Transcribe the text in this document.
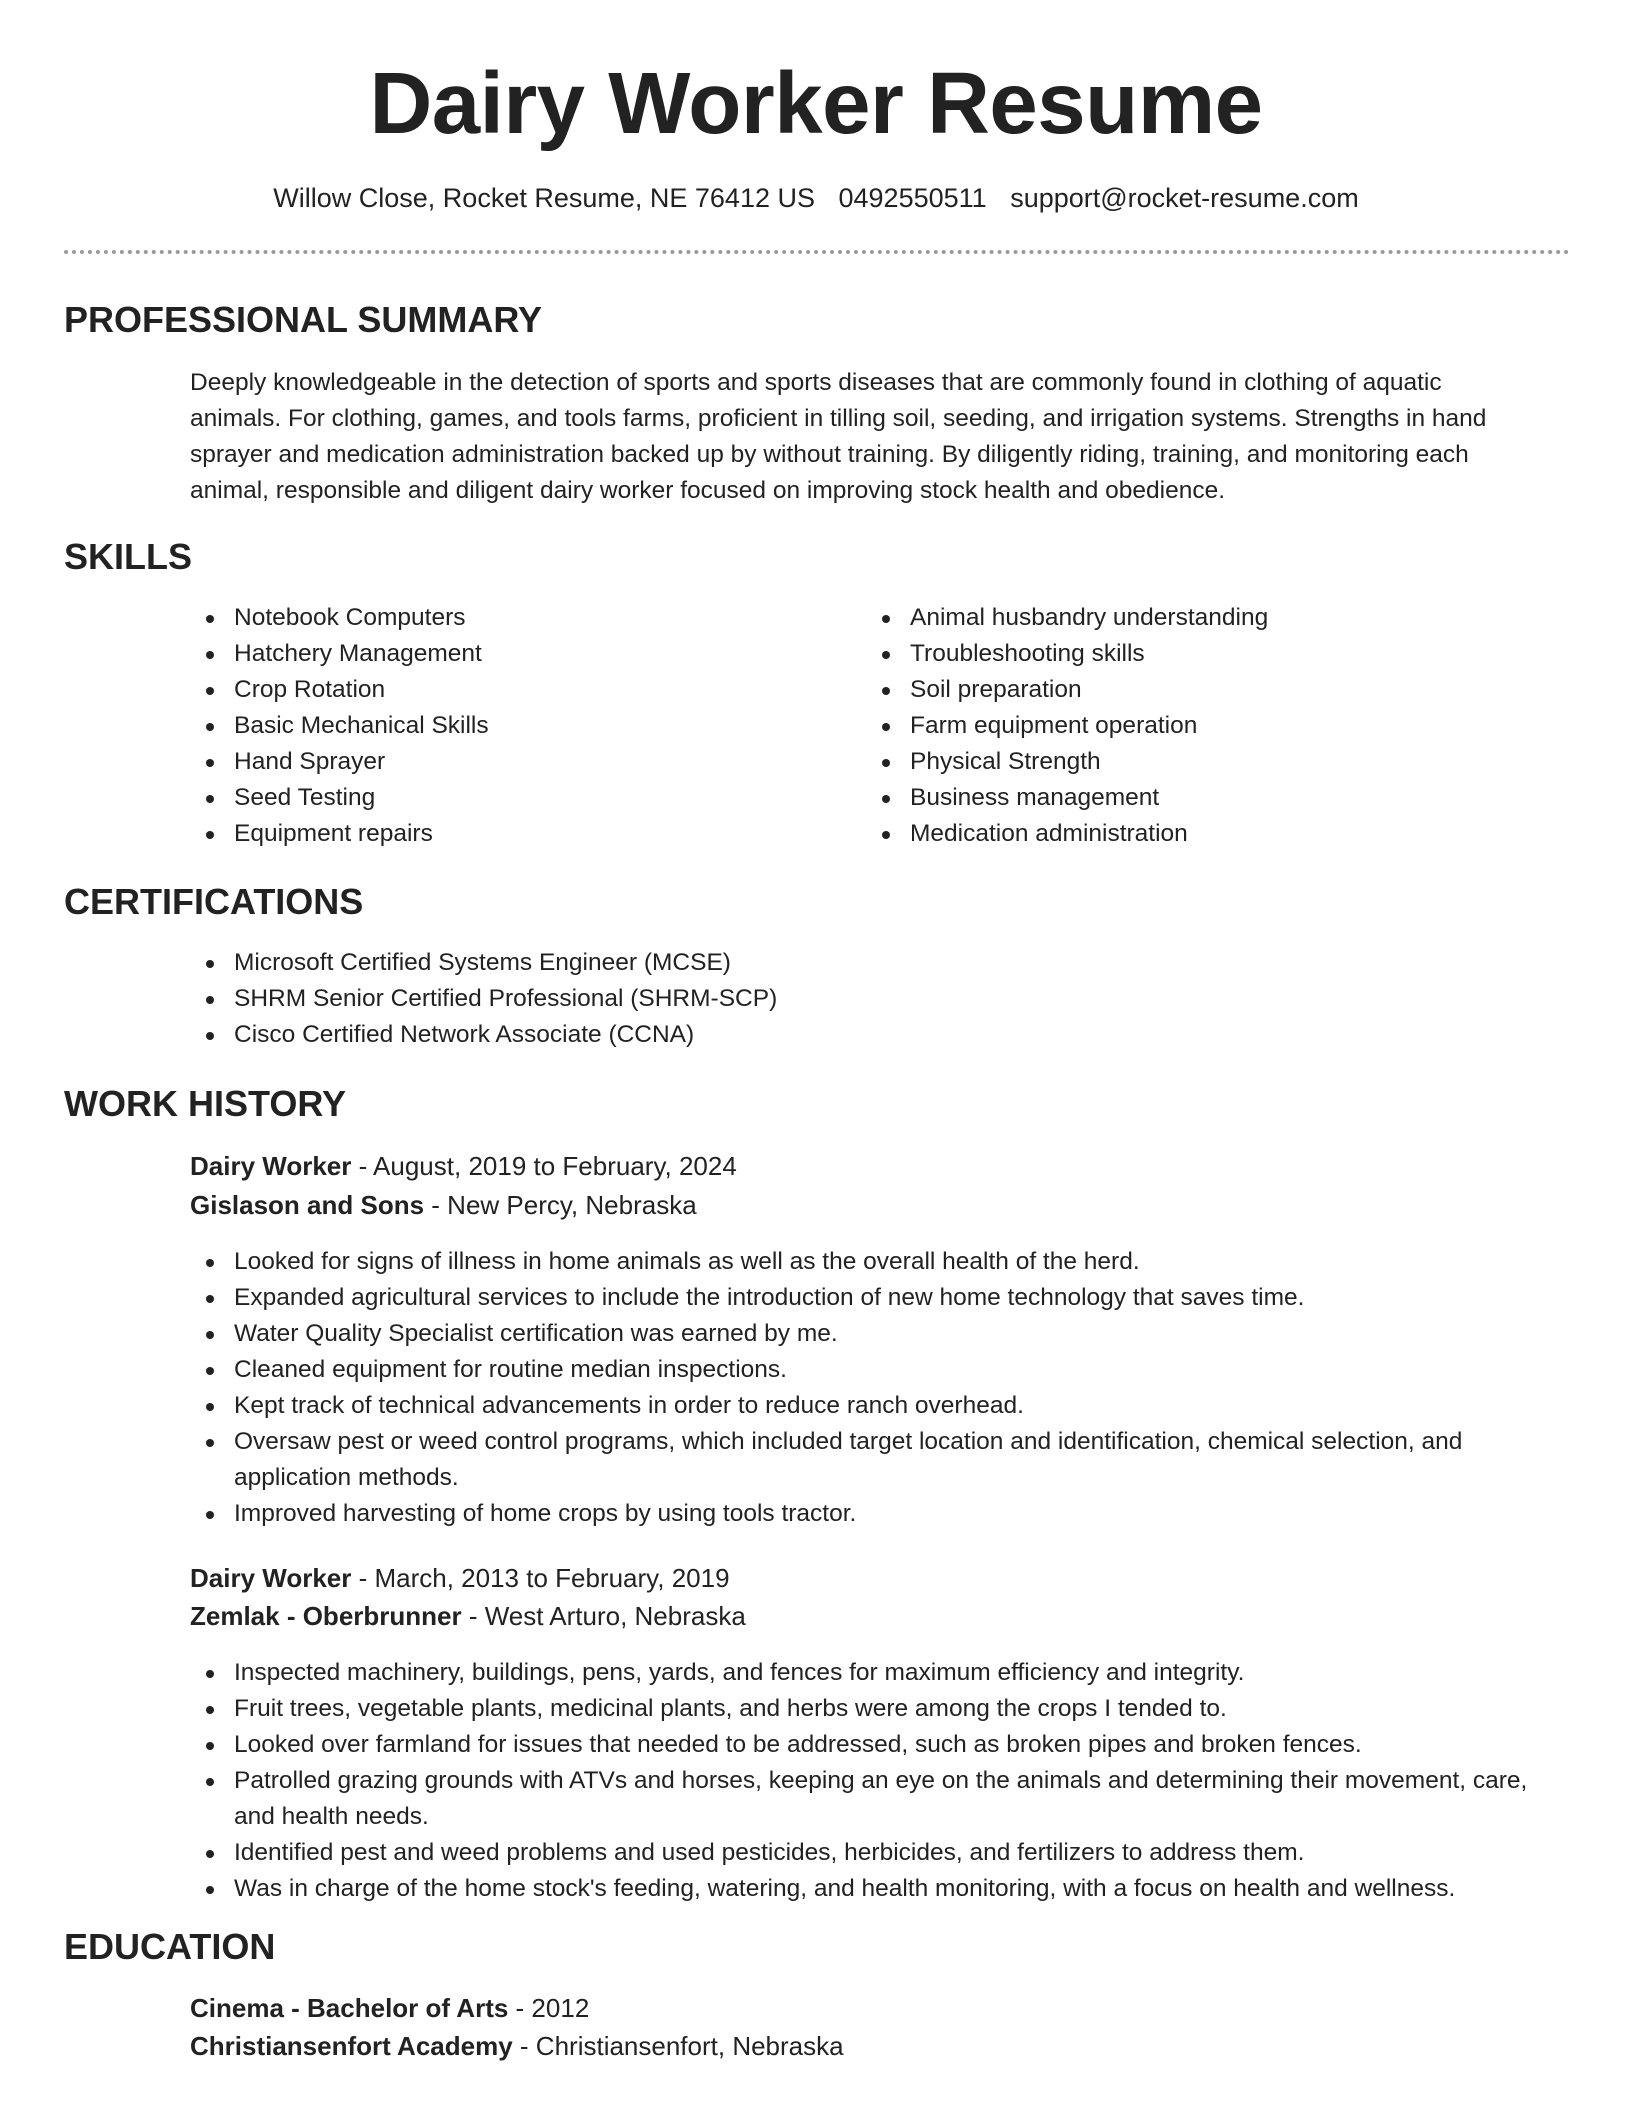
Dairy Worker Resume
Willow Close, Rocket Resume, NE 76412 US 0492550511 support@rocket-resume.com
PROFESSIONAL SUMMARY

Deeply knowledgeable in the detection of sports and sports diseases that are commonly found in clothing of aquatic animals. For clothing, games, and tools farms, proficient in tilling soil, seeding, and irrigation systems. Strengths in hand sprayer and medication administration backed up by without training. By diligently riding, training, and monitoring each animal, responsible and diligent dairy worker focused on improving stock health and obedience.

SKILLS
Notebook Computers
Hatchery Management
Crop Rotation
Basic Mechanical Skills
Hand Sprayer
Seed Testing
Equipment repairs
Animal husbandry understanding
Troubleshooting skills
Soil preparation
Farm equipment operation
Physical Strength
Business management
Medication administration
CERTIFICATIONS
Microsoft Certified Systems Engineer (MCSE)
SHRM Senior Certified Professional (SHRM-SCP)
Cisco Certified Network Associate (CCNA)
WORK HISTORY
Dairy Worker - August, 2019 to February, 2024
Gislason and Sons - New Percy, Nebraska
Looked for signs of illness in home animals as well as the overall health of the herd.
Expanded agricultural services to include the introduction of new home technology that saves time.
Water Quality Specialist certification was earned by me.
Cleaned equipment for routine median inspections.
Kept track of technical advancements in order to reduce ranch overhead.
Oversaw pest or weed control programs, which included target location and identification, chemical selection, and application methods.
Improved harvesting of home crops by using tools tractor.
Dairy Worker - March, 2013 to February, 2019
Zemlak - Oberbrunner - West Arturo, Nebraska
Inspected machinery, buildings, pens, yards, and fences for maximum efficiency and integrity.
Fruit trees, vegetable plants, medicinal plants, and herbs were among the crops I tended to.
Looked over farmland for issues that needed to be addressed, such as broken pipes and broken fences.
Patrolled grazing grounds with ATVs and horses, keeping an eye on the animals and determining their movement, care, and health needs.
Identified pest and weed problems and used pesticides, herbicides, and fertilizers to address them.
Was in charge of the home stock's feeding, watering, and health monitoring, with a focus on health and wellness.
EDUCATION
Cinema - Bachelor of Arts - 2012
Christiansenfort Academy - Christiansenfort, Nebraska
